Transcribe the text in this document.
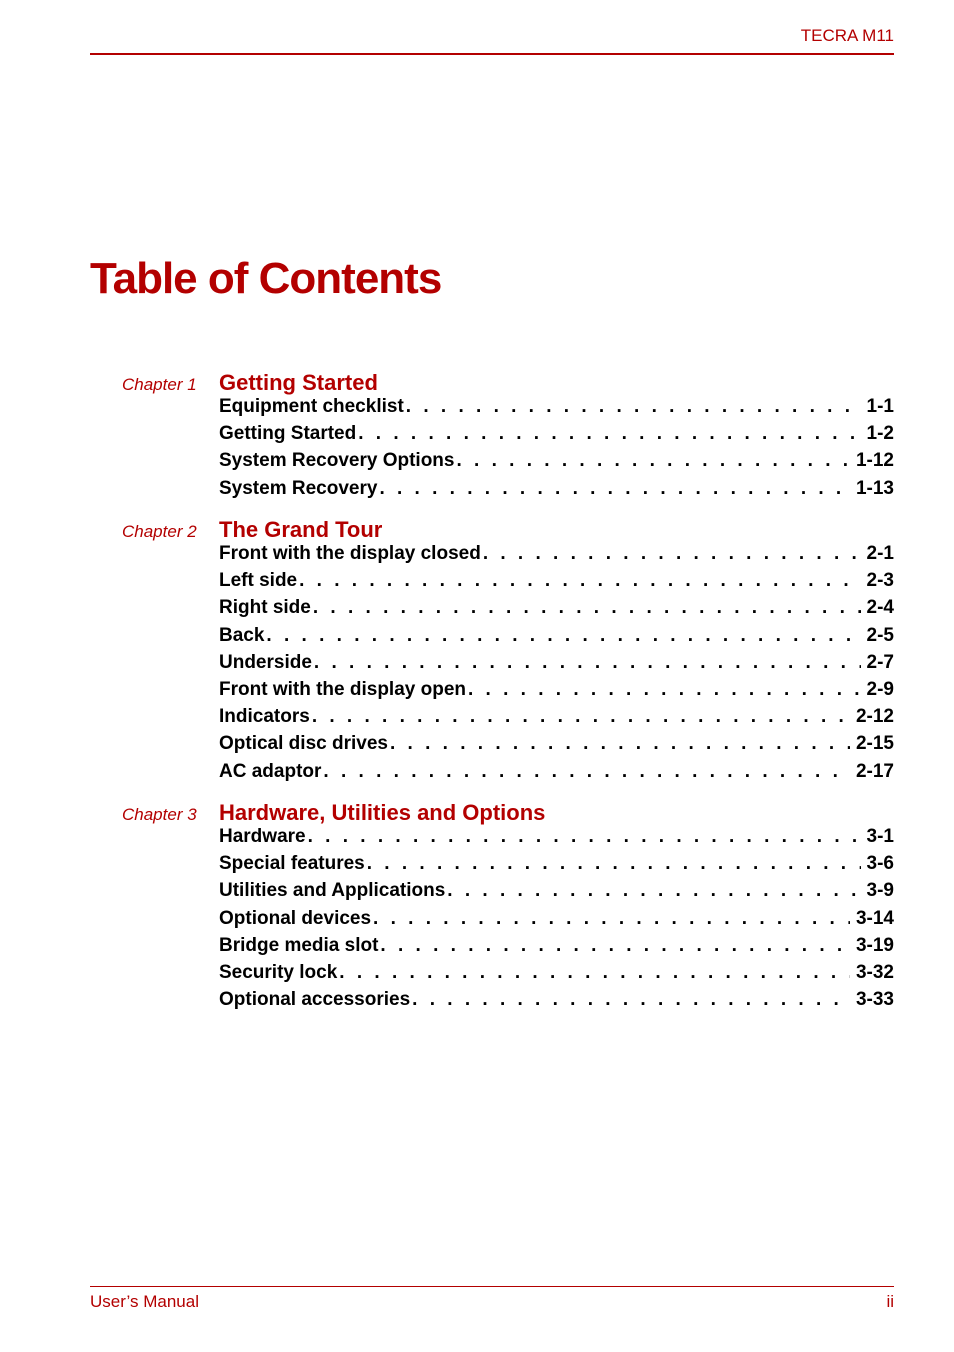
TECRA M11
Table of Contents
Chapter 1 Getting Started
Equipment checklist . . .	1-1
Getting Started . . .	1-2
System Recovery Options . . .	1-12
System Recovery . . .	1-13
Chapter 2 The Grand Tour
Front with the display closed . . .	2-1
Left side . . .	2-3
Right side . . .	2-4
Back . . .	2-5
Underside . . .	2-7
Front with the display open . . .	2-9
Indicators . . .	2-12
Optical disc drives . . .	2-15
AC adaptor . . .	2-17
Chapter 3 Hardware, Utilities and Options
Hardware . . .	3-1
Special features . . .	3-6
Utilities and Applications . . .	3-9
Optional devices . . .	3-14
Bridge media slot . . .	3-19
Security lock . . .	3-32
Optional accessories . . .	3-33
User’s Manual	ii
